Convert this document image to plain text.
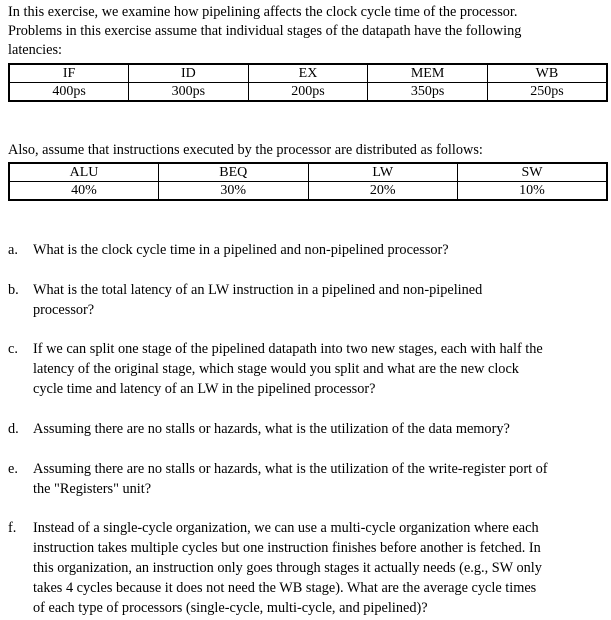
In this exercise, we examine how pipelining affects the clock cycle time of the processor.
Problems in this exercise assume that individual stages of the datapath have the following
latencies:

IF	ID	EX	MEM	WB
400ps	300ps	200ps	350ps	250ps

Also, assume that instructions executed by the processor are distributed as follows:

ALU	BEQ	LW	SW
40%	30%	20%	10%
a. What is the clock cycle time in a pipelined and non-pipelined processor?
b. What is the total latency of an LW instruction in a pipelined and non-pipelined
processor?
c. If we can split one stage of the pipelined datapath into two new stages, each with half the
latency of the original stage, which stage would you split and what are the new clock
cycle time and latency of an LW in the pipelined processor?
d. Assuming there are no stalls or hazards, what is the utilization of the data memory?
e. Assuming there are no stalls or hazards, what is the utilization of the write-register port of
the "Registers" unit?
f. Instead of a single-cycle organization, we can use a multi-cycle organization where each
instruction takes multiple cycles but one instruction finishes before another is fetched. In
this organization, an instruction only goes through stages it actually needs (e.g., SW only
takes 4 cycles because it does not need the WB stage). What are the average cycle times
of each type of processors (single-cycle, multi-cycle, and pipelined)?
